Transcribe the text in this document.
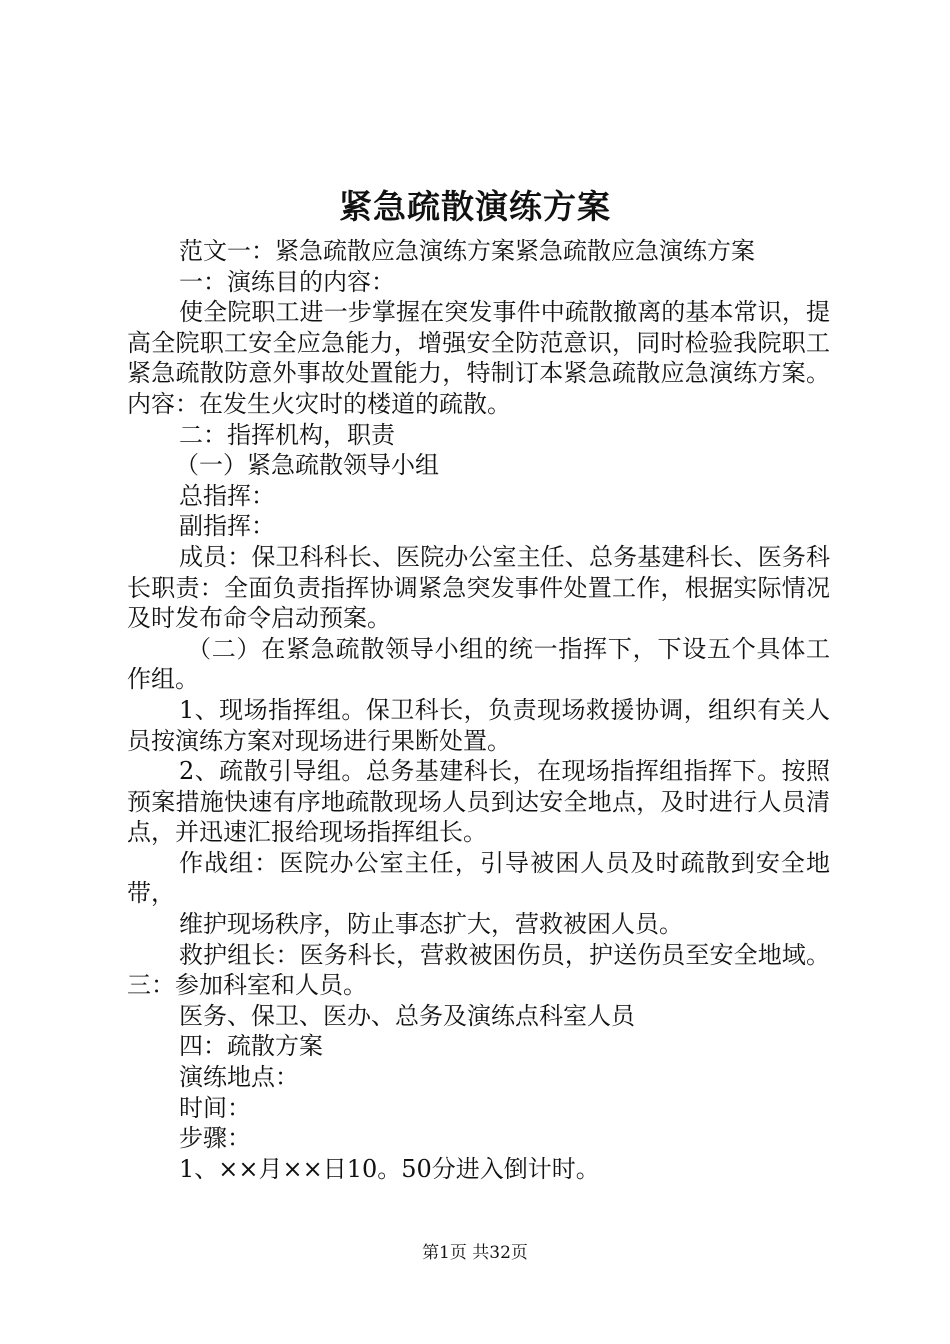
紧急疏散演练方案

范文一：紧急疏散应急演练方案紧急疏散应急演练方案

一：演练目的内容：

使全院职工进一步掌握在突发事件中疏散撤离的基本常识，提高全院职工安全应急能力，增强安全防范意识，同时检验我院职工紧急疏散防意外事故处置能力，特制订本紧急疏散应急演练方案。内容：在发生火灾时的楼道的疏散。

二：指挥机构，职责

（一）紧急疏散领导小组

总指挥：

副指挥：

成员：保卫科科长、医院办公室主任、总务基建科长、医务科长职责：全面负责指挥协调紧急突发事件处置工作，根据实际情况及时发布命令启动预案。

（二）在紧急疏散领导小组的统一指挥下，下设五个具体工作组。

1、现场指挥组。保卫科长，负责现场救援协调，组织有关人员按演练方案对现场进行果断处置。

2、疏散引导组。总务基建科长，在现场指挥组指挥下。按照预案措施快速有序地疏散现场人员到达安全地点，及时进行人员清点，并迅速汇报给现场指挥组长。

作战组：医院办公室主任，引导被困人员及时疏散到安全地带，

维护现场秩序，防止事态扩大，营救被困人员。

救护组长：医务科长，营救被困伤员，护送伤员至安全地域。三：参加科室和人员。

医务、保卫、医办、总务及演练点科室人员

四：疏散方案

演练地点：

时间：

步骤：

1、××月××日10。50分进入倒计时。

第1页 共32页
